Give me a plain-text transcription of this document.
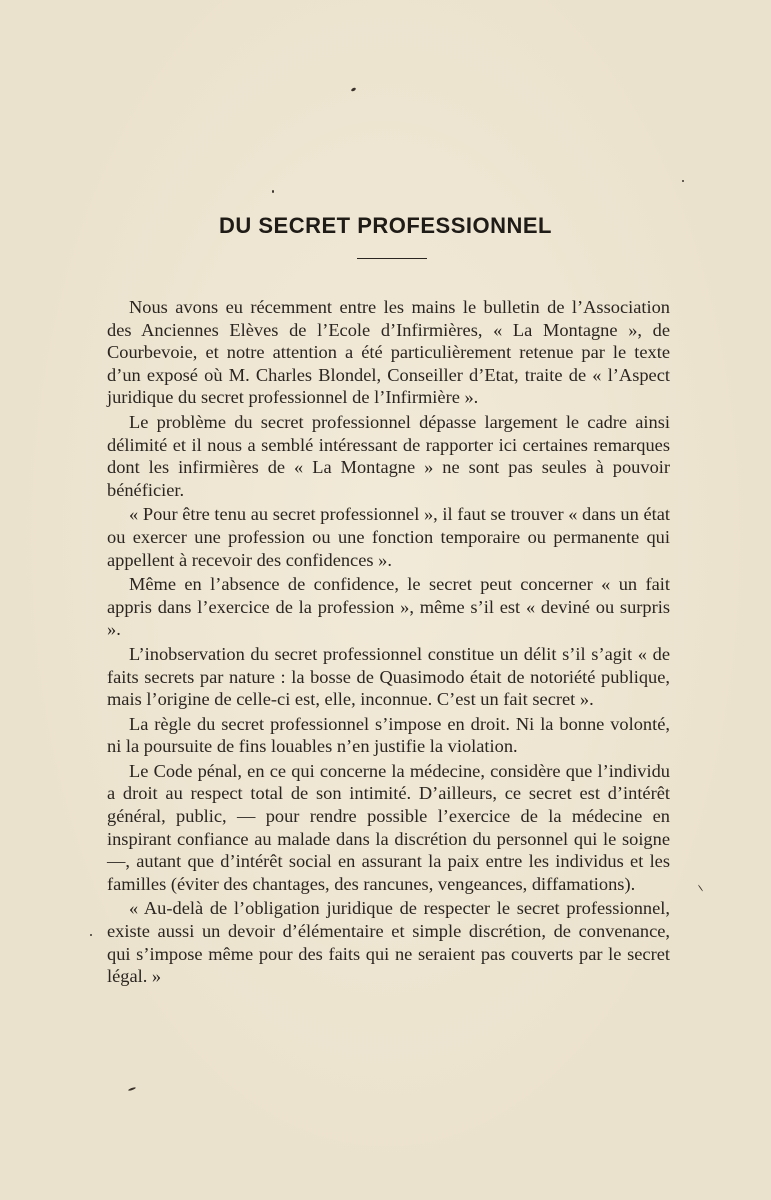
DU SECRET PROFESSIONNEL

Nous avons eu récemment entre les mains le bulletin de l’Association des Anciennes Elèves de l’Ecole d’Infirmières, « La Montagne », de Courbevoie, et notre attention a été particulièrement retenue par le texte d’un exposé où M. Charles Blondel, Conseiller d’Etat, traite de « l’Aspect juridique du secret professionnel de l’Infirmière ».

Le problème du secret professionnel dépasse largement le cadre ainsi délimité et il nous a semblé intéressant de rapporter ici certaines remarques dont les infirmières de « La Montagne » ne sont pas seules à pouvoir bénéficier.

« Pour être tenu au secret professionnel », il faut se trouver « dans un état ou exercer une profession ou une fonction temporaire ou permanente qui appellent à recevoir des confidences ».

Même en l’absence de confidence, le secret peut concerner « un fait appris dans l’exercice de la profession », même s’il est « deviné ou surpris ».

L’inobservation du secret professionnel constitue un délit s’il s’agit « de faits secrets par nature : la bosse de Quasimodo était de notoriété publique, mais l’origine de celle-ci est, elle, inconnue. C’est un fait secret ».

La règle du secret professionnel s’impose en droit. Ni la bonne volonté, ni la poursuite de fins louables n’en justifie la violation.

Le Code pénal, en ce qui concerne la médecine, considère que l’individu a droit au respect total de son intimité. D’ailleurs, ce secret est d’intérêt général, public, — pour rendre possible l’exercice de la médecine en inspirant confiance au malade dans la discrétion du personnel qui le soigne —, autant que d’intérêt social en assurant la paix entre les individus et les familles (éviter des chantages, des rancunes, vengeances, diffamations).

« Au-delà de l’obligation juridique de respecter le secret professionnel, existe aussi un devoir d’élémentaire et simple discrétion, de convenance, qui s’impose même pour des faits qui ne seraient pas couverts par le secret légal. »
